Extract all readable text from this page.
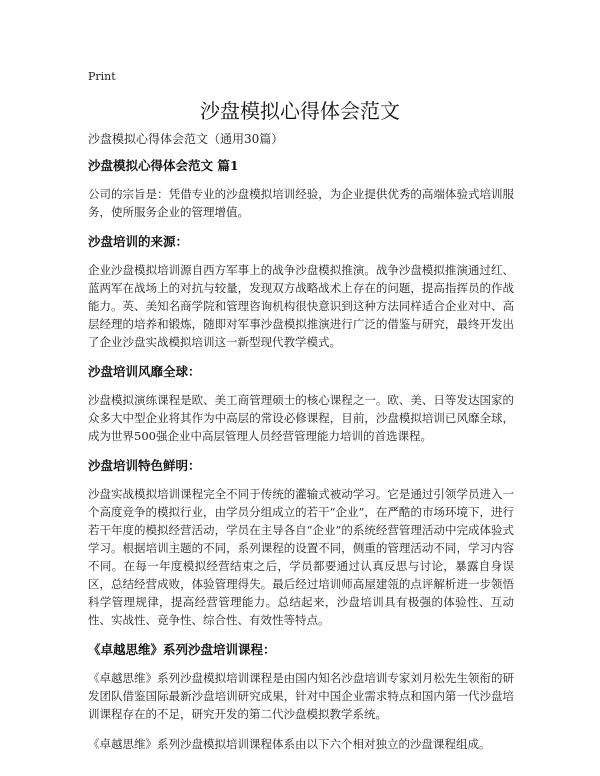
Print
沙盘模拟心得体会范文

沙盘模拟心得体会范文（通用30篇）

沙盘模拟心得体会范文 篇1

公司的宗旨是：凭借专业的沙盘模拟培训经验，为企业提供优秀的高端体验式培训服务，使所服务企业的管理增值。

沙盘培训的来源：

企业沙盘模拟培训源自西方军事上的战争沙盘模拟推演。战争沙盘模拟推演通过红、蓝两军在战场上的对抗与较量，发现双方战略战术上存在的问题，提高指挥员的作战能力。英、美知名商学院和管理咨询机构很快意识到这种方法同样适合企业对中、高层经理的培养和锻炼，随即对军事沙盘模拟推演进行广泛的借鉴与研究，最终开发出了企业沙盘实战模拟培训这一新型现代教学模式。

沙盘培训风靡全球：

沙盘模拟演练课程是欧、美工商管理硕士的核心课程之一。欧、美、日等发达国家的众多大中型企业将其作为中高层的常设必修课程，目前，沙盘模拟培训已风靡全球，成为世界500强企业中高层管理人员经营管理能力培训的首选课程。

沙盘培训特色鲜明：

沙盘实战模拟培训课程完全不同于传统的灌输式被动学习。它是通过引领学员进入一个高度竞争的模拟行业，由学员分组成立的若干“企业”，在严酷的市场环境下，进行若干年度的模拟经营活动，学员在主导各自“企业”的系统经营管理活动中完成体验式学习。根据培训主题的不同，系列课程的设置不同，侧重的管理活动不同，学习内容不同。在每一年度模拟经营结束之后，学员都要通过认真反思与讨论，暴露自身误区，总结经营成败，体验管理得失。最后经过培训师高屋建瓴的点评解析进一步领悟科学管理规律，提高经营管理能力。总结起来，沙盘培训具有极强的体验性、互动性、实战性、竞争性、综合性、有效性等特点。

《卓越思维》系列沙盘培训课程：

《卓越思维》系列沙盘模拟培训课程是由国内知名沙盘培训专家刘月松先生领衔的研发团队借鉴国际最新沙盘培训研究成果，针对中国企业需求特点和国内第一代沙盘培训课程存在的不足，研究开发的第二代沙盘模拟教学系统。

《卓越思维》系列沙盘模拟培训课程体系由以下六个相对独立的沙盘课程组成。
